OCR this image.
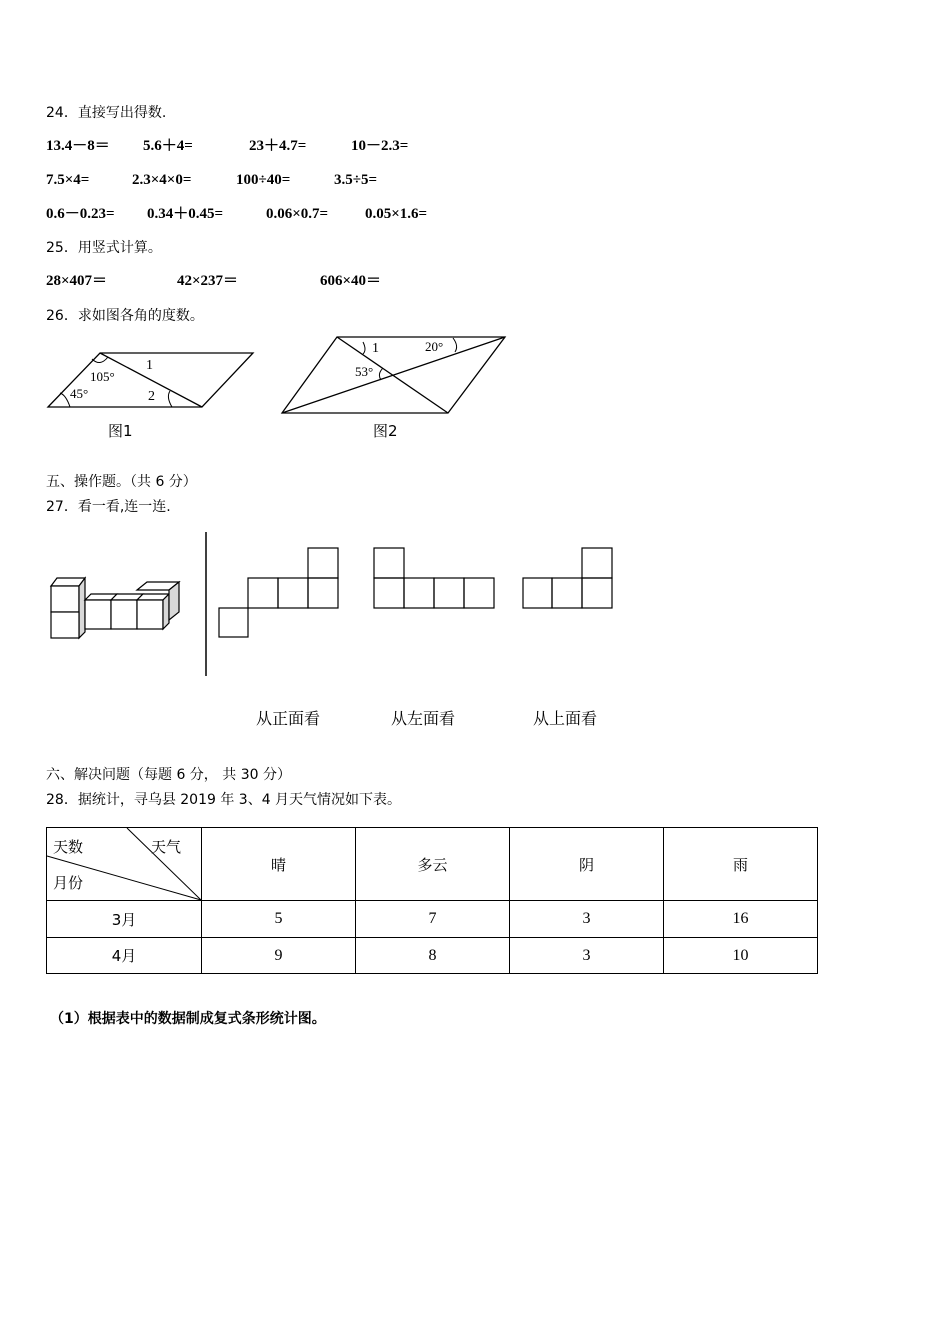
24．直接写出得数.
13.4－8＝ 5.6＋4=	23＋4.7=	10－2.3=
7.5×4=	2.3×4×0=	100÷40=	3.5÷5=
0.6－0.23= 0.34＋0.45=	0.06×0.7= 0.05×1.6=
25．用竖式计算。
28×407＝	42×237＝	606×40＝
26．求如图各角的度数。
1
105°
45°	2
图1
1	20°
53°
图2
五、操作题。（共 6 分）
27．看一看,连一连.
从正面看	从左面看	从上面看
六、解决问题（每题 6 分， 共 30 分）
28．据统计，寻乌县 2019 年 3、4 月天气情况如下表。
天数 天气
月份	晴	多云	阴	雨
3月	5	7	3	16
4月	9	8	3	10
（1）根据表中的数据制成复式条形统计图。
